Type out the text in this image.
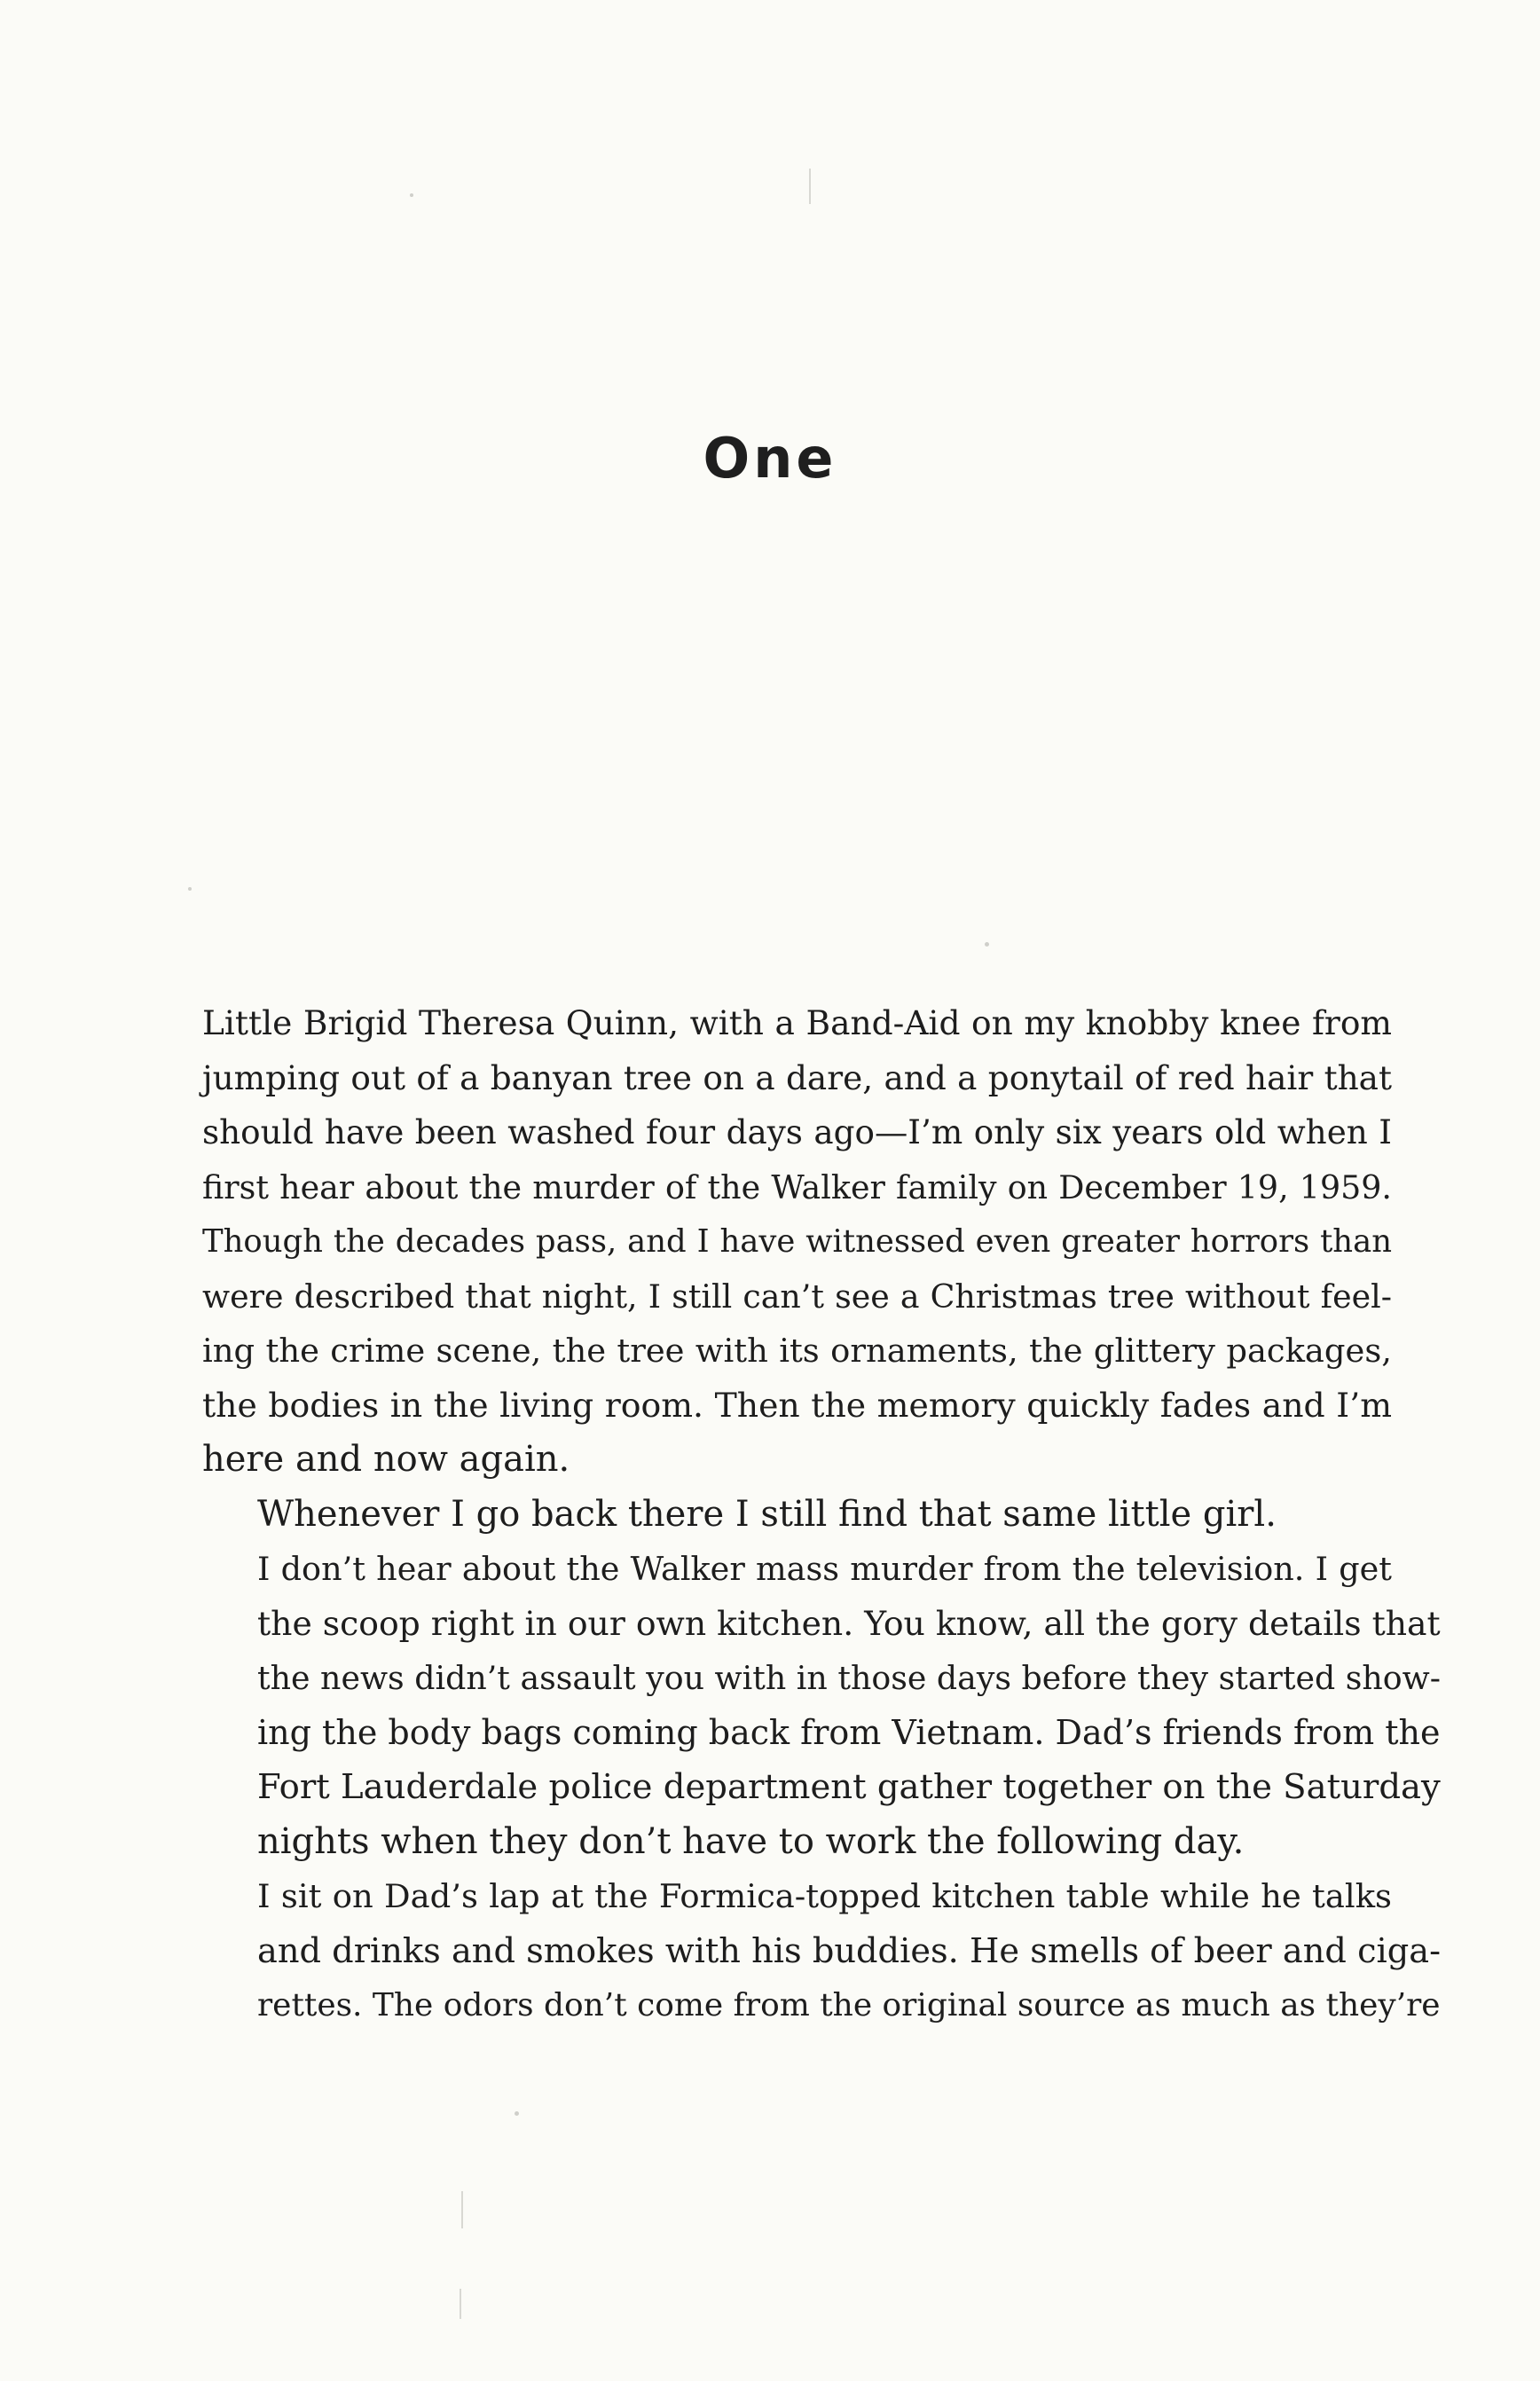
One

Little Brigid Theresa Quinn, with a Band-Aid on my knobby knee from
jumping out of a banyan tree on a dare, and a ponytail of red hair that
should have been washed four days ago—I’m only six years old when I
first hear about the murder of the Walker family on December 19, 1959.
Though the decades pass, and I have witnessed even greater horrors than
were described that night, I still can’t see a Christmas tree without feel-
ing the crime scene, the tree with its ornaments, the glittery packages,
the bodies in the living room. Then the memory quickly fades and I’m
here and now again.

Whenever I go back there I still find that same little girl.

I don’t hear about the Walker mass murder from the television. I get
the scoop right in our own kitchen. You know, all the gory details that
the news didn’t assault you with in those days before they started show-
ing the body bags coming back from Vietnam. Dad’s friends from the
Fort Lauderdale police department gather together on the Saturday
nights when they don’t have to work the following day.

I sit on Dad’s lap at the Formica-topped kitchen table while he talks
and drinks and smokes with his buddies. He smells of beer and ciga-
rettes. The odors don’t come from the original source as much as they’re
